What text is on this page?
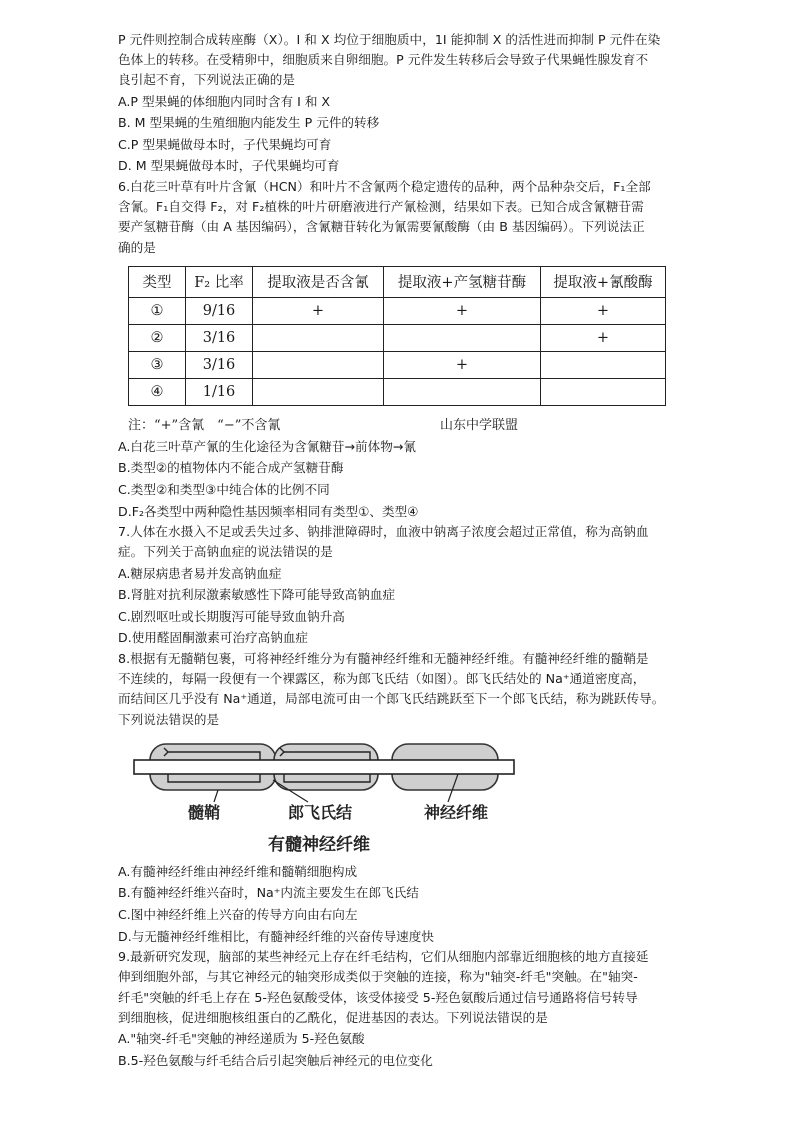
P 元件则控制合成转座酶（X）。I 和 X 均位于细胞质中，1I 能抑制 X 的活性进而抑制 P 元件在染
色体上的转移。在受精卵中，细胞质来自卵细胞。P 元件发生转移后会导致子代果蝇性腺发育不
良引起不育，下列说法正确的是
A.P 型果蝇的体细胞内同时含有 I 和 X
B. M 型果蝇的生殖细胞内能发生 P 元件的转移
C.P 型果蝇做母本时，子代果蝇均可育
D. M 型果蝇做母本时，子代果蝇均可育
6.白花三叶草有叶片含氰（HCN）和叶片不含氰两个稳定遗传的品种，两个品种杂交后，F₁全部
含氰。F₁自交得 F₂，对 F₂植株的叶片研磨液进行产氰检测，结果如下表。已知合成含氰糖苷需
要产氢糖苷酶（由 A 基因编码），含氰糖苷转化为氰需要氰酸酶（由 B 基因编码）。下列说法正
确的是
类型	F₂ 比率	提取液是否含氰	提取液+产氢糖苷酶	提取液+氰酸酶
①	9/16	+	+	+
②	3/16			+
③	3/16		+	
④	1/16			
注：“+”含氰　“−”不含氰	山东中学联盟
A.白花三叶草产氰的生化途径为含氰糖苷→前体物→氰
B.类型②的植物体内不能合成产氢糖苷酶
C.类型②和类型③中纯合体的比例不同
D.F₂各类型中两种隐性基因频率相同有类型①、类型④
7.人体在水摄入不足或丢失过多、钠排泄障碍时，血液中钠离子浓度会超过正常值，称为高钠血
症。下列关于高钠血症的说法错误的是
A.糖尿病患者易并发高钠血症
B.肾脏对抗利尿激素敏感性下降可能导致高钠血症
C.剧烈呕吐或长期腹泻可能导致血钠升高
D.使用醛固酮激素可治疗高钠血症
8.根据有无髓鞘包裹，可将神经纤维分为有髓神经纤维和无髓神经纤维。有髓神经纤维的髓鞘是
不连续的，每隔一段便有一个裸露区，称为郎飞氏结（如图）。郎飞氏结处的 Na⁺通道密度高，
而结间区几乎没有 Na⁺通道，局部电流可由一个郎飞氏结跳跃至下一个郎飞氏结，称为跳跃传导。
下列说法错误的是
髓鞘	郎飞氏结	神经纤维
有髓神经纤维
A.有髓神经纤维由神经纤维和髓鞘细胞构成
B.有髓神经纤维兴奋时，Na⁺内流主要发生在郎飞氏结
C.图中神经纤维上兴奋的传导方向由右向左
D.与无髓神经纤维相比，有髓神经纤维的兴奋传导速度快
9.最新研究发现，脑部的某些神经元上存在纤毛结构，它们从细胞内部靠近细胞核的地方直接延
伸到细胞外部，与其它神经元的轴突形成类似于突触的连接，称为"轴突-纤毛"突触。在"轴突-
纤毛"突触的纤毛上存在 5-羟色氨酸受体，该受体接受 5-羟色氨酸后通过信号通路将信号转导
到细胞核，促进细胞核组蛋白的乙酰化，促进基因的表达。下列说法错误的是
A."轴突-纤毛"突触的神经递质为 5-羟色氨酸
B.5-羟色氨酸与纤毛结合后引起突触后神经元的电位变化
